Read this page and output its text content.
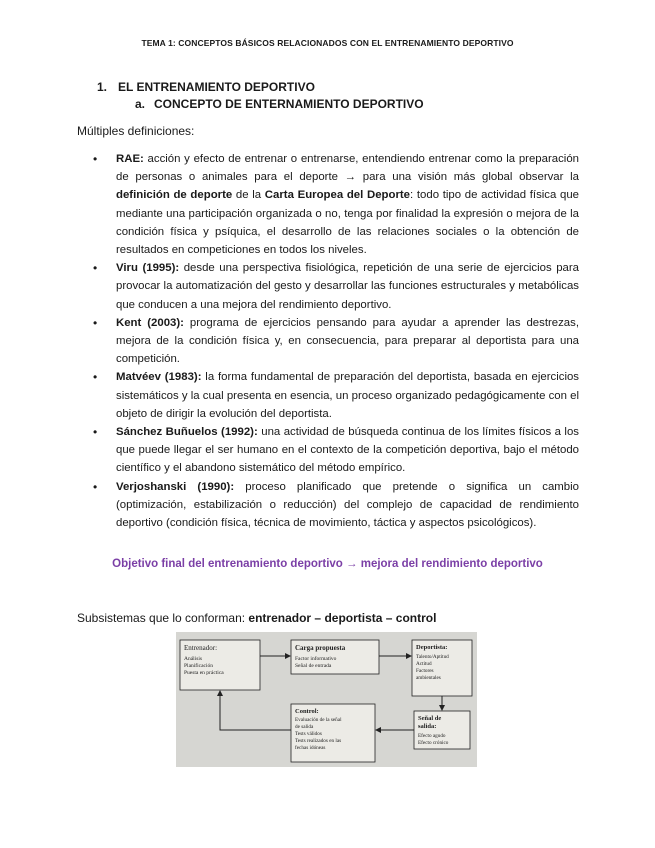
TEMA 1: CONCEPTOS BÁSICOS RELACIONADOS CON EL ENTRENAMIENTO DEPORTIVO
1. EL ENTRENAMIENTO DEPORTIVO
a. CONCEPTO DE ENTERNAMIENTO DEPORTIVO
Múltiples definiciones:
• RAE: acción y efecto de entrenar o entrenarse, entendiendo entrenar como la preparación de personas o animales para el deporte → para una visión más global observar la definición de deporte de la Carta Europea del Deporte: todo tipo de actividad física que mediante una participación organizada o no, tenga por finalidad la expresión o mejora de la condición física y psíquica, el desarrollo de las relaciones sociales o la obtención de resultados en competiciones en todos los niveles.
• Viru (1995): desde una perspectiva fisiológica, repetición de una serie de ejercicios para provocar la automatización del gesto y desarrollar las funciones estructurales y metabólicas que conducen a una mejora del rendimiento deportivo.
• Kent (2003): programa de ejercicios pensando para ayudar a aprender las destrezas, mejora de la condición física y, en consecuencia, para preparar al deportista para una competición.
• Matvéev (1983): la forma fundamental de preparación del deportista, basada en ejercicios sistemáticos y la cual presenta en esencia, un proceso organizado pedagógicamente con el objeto de dirigir la evolución del deportista.
• Sánchez Buñuelos (1992): una actividad de búsqueda continua de los límites físicos a los que puede llegar el ser humano en el contexto de la competición deportiva, bajo el método científico y el abandono sistemático del método empírico.
• Verjoshanski (1990): proceso planificado que pretende o significa un cambio (optimización, estabilización o reducción) del complejo de capacidad de rendimiento deportivo (condición física, técnica de movimiento, táctica y aspectos psicológicos).
Objetivo final del entrenamiento deportivo → mejora del rendimiento deportivo
Subsistemas que lo conforman: entrenador – deportista – control
Entrenador:
Análisis
Planificación
Puesta en práctica
Carga propuesta
Factor informativo
Señal de entrada
Deportista:
Talento/Aptitud
Actitud
Factores
ambientales
Señal de
salida:
Efecto agudo
Efecto crónico
Control:
Evaluación de la señal
de salida
Tests válidos
Tests realizados en las
fechas idóneas
